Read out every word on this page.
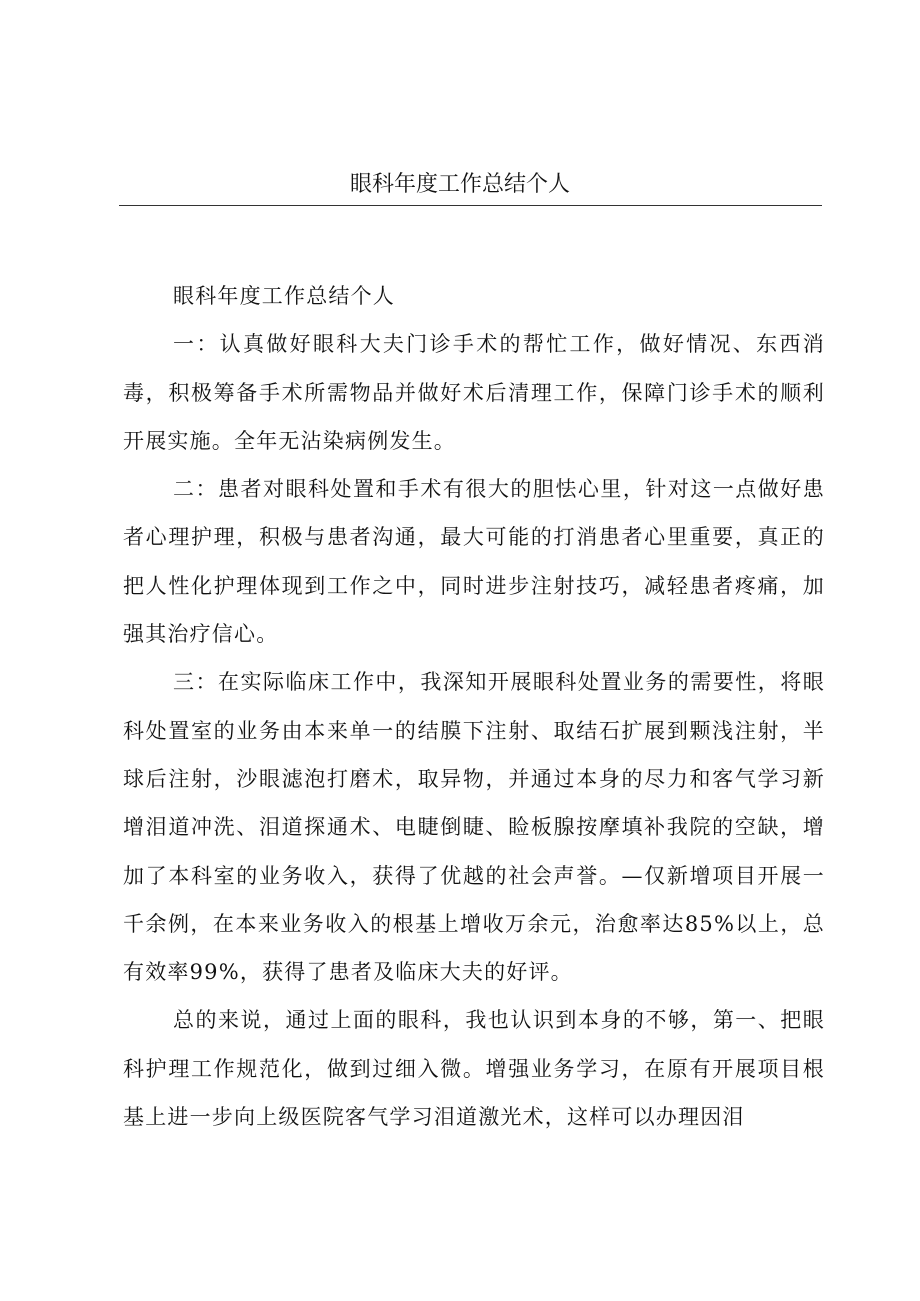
眼科年度工作总结个人

眼科年度工作总结个人

一：认真做好眼科大夫门诊手术的帮忙工作，做好情况、东西消毒，积极筹备手术所需物品并做好术后清理工作，保障门诊手术的顺利开展实施。全年无沾染病例发生。

二：患者对眼科处置和手术有很大的胆怯心里，针对这一点做好患者心理护理，积极与患者沟通，最大可能的打消患者心里重要，真正的把人性化护理体现到工作之中，同时进步注射技巧，减轻患者疼痛，加强其治疗信心。

三：在实际临床工作中，我深知开展眼科处置业务的需要性，将眼科处置室的业务由本来单一的结膜下注射、取结石扩展到颗浅注射，半球后注射，沙眼滤泡打磨术，取异物，并通过本身的尽力和客气学习新增泪道冲洗、泪道探通术、电睫倒睫、睑板腺按摩填补我院的空缺，增加了本科室的业务收入，获得了优越的社会声誉。—仅新增项目开展一千余例，在本来业务收入的根基上增收万余元，治愈率达85%以上，总有效率99%，获得了患者及临床大夫的好评。

总的来说，通过上面的眼科，我也认识到本身的不够，第一、把眼科护理工作规范化，做到过细入微。增强业务学习，在原有开展项目根基上进一步向上级医院客气学习泪道激光术，这样可以办理因泪
